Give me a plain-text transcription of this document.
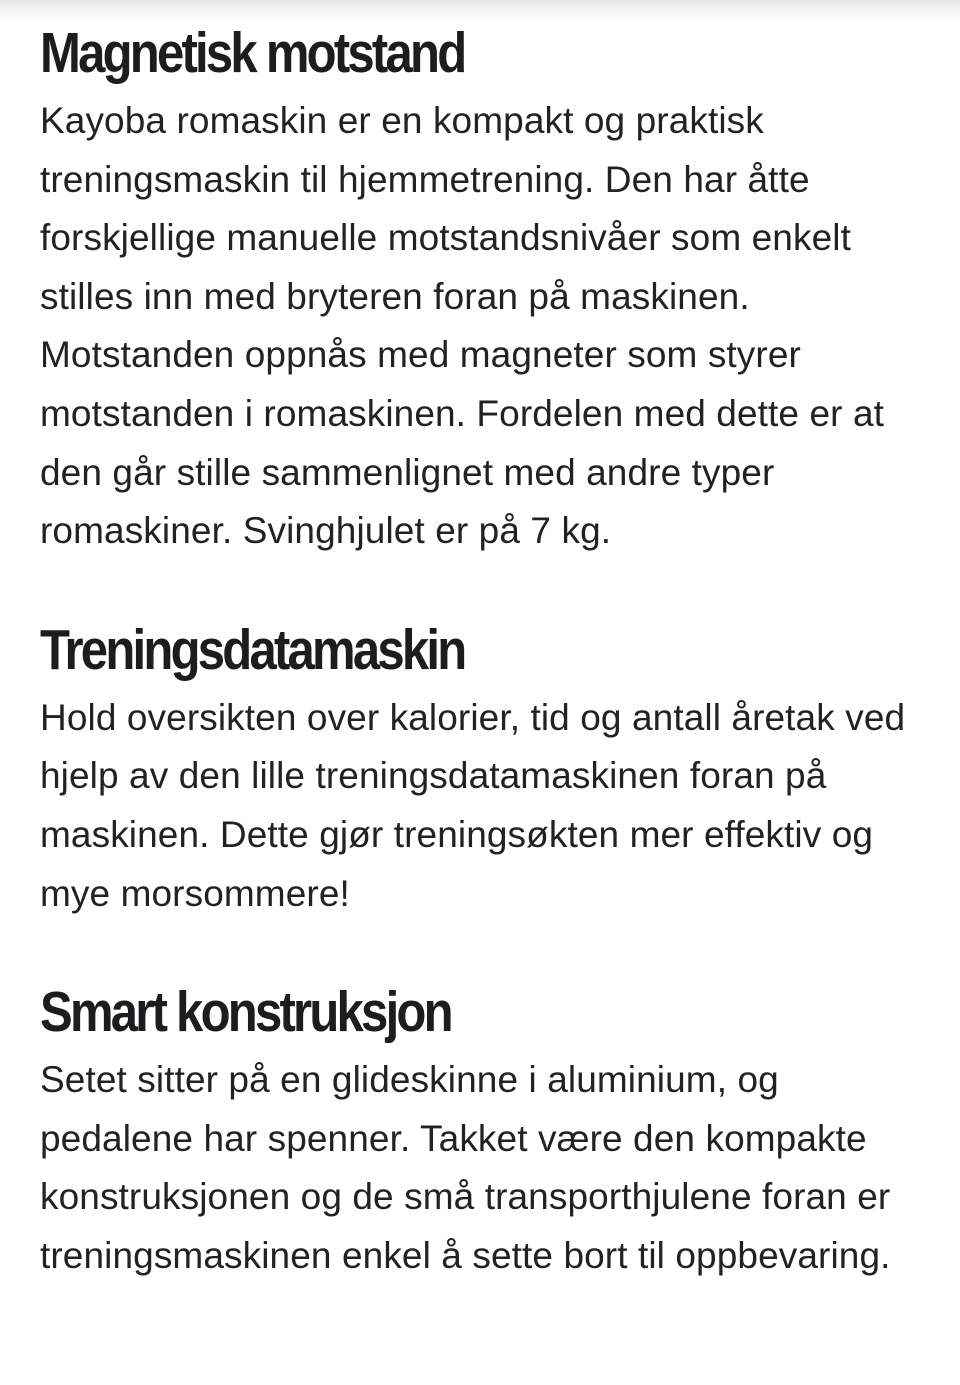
Magnetisk motstand

Kayoba romaskin er en kompakt og praktisk treningsmaskin til hjemmetrening. Den har åtte forskjellige manuelle motstandsnivåer som enkelt stilles inn med bryteren foran på maskinen. Motstanden oppnås med magneter som styrer motstanden i romaskinen. Fordelen med dette er at den går stille sammenlignet med andre typer romaskiner. Svinghjulet er på 7 kg.

Treningsdatamaskin

Hold oversikten over kalorier, tid og antall åretak ved hjelp av den lille treningsdatamaskinen foran på maskinen. Dette gjør treningsøkten mer effektiv og mye morsommere!

Smart konstruksjon

Setet sitter på en glideskinne i aluminium, og pedalene har spenner. Takket være den kompakte konstruksjonen og de små transporthjulene foran er treningsmaskinen enkel å sette bort til oppbevaring.
